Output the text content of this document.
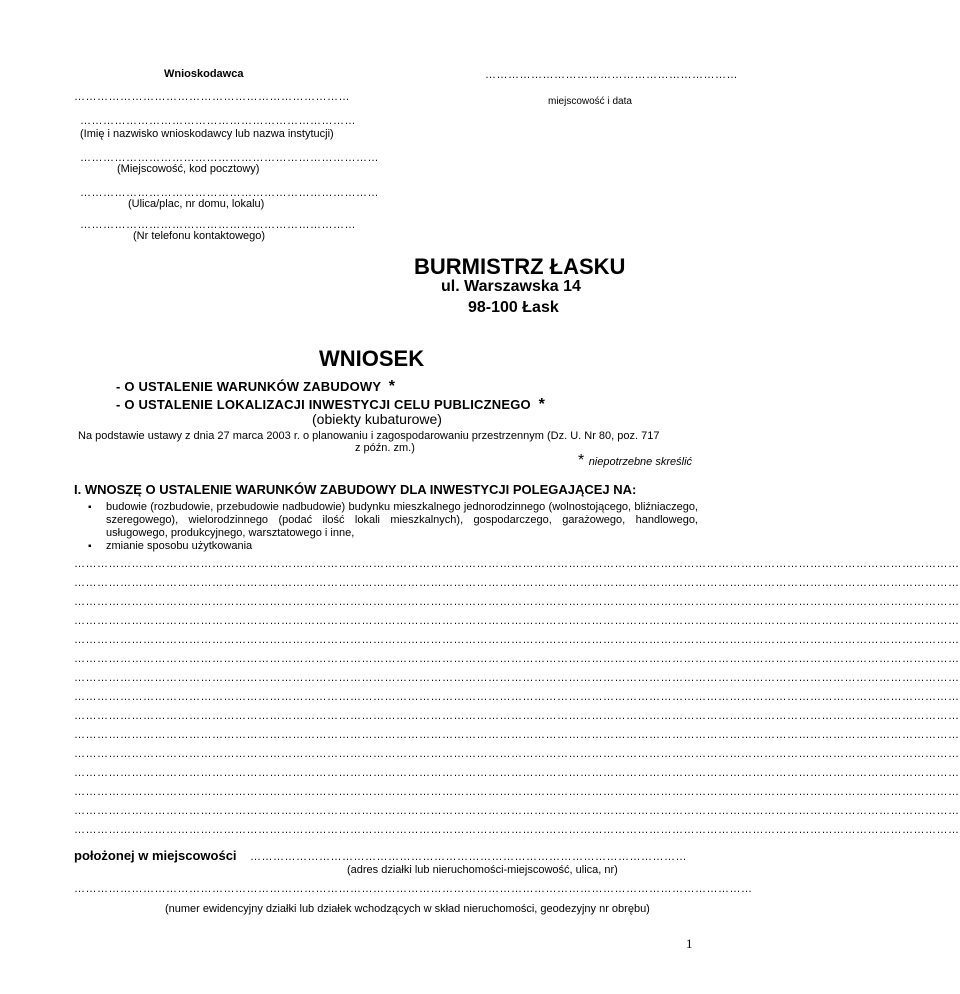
Wnioskodawca
………………………………………………………………
………………………………………………………………
(Imię i nazwisko wnioskodawcy lub nazwa instytucji)
……………………………………………………………………
(Miejscowość, kod pocztowy)
……………………………………………………………………
(Ulica/plac, nr domu, lokalu)
………………………………………………………………
(Nr telefonu kontaktowego)
…………………………………………………………
miejscowość i data
BURMISTRZ ŁASKU
ul. Warszawska 14
98-100 Łask
WNIOSEK
- O USTALENIE WARUNKÓW ZABUDOWY *
- O USTALENIE LOKALIZACJI INWESTYCJI CELU PUBLICZNEGO *
(obiekty kubaturowe)
Na podstawie ustawy z dnia 27 marca 2003 r. o planowaniu i zagospodarowaniu przestrzennym (Dz. U. Nr 80, poz. 717
z późn. zm.)
* niepotrzebne skreślić
I. WNOSZĘ O USTALENIE WARUNKÓW ZABUDOWY DLA INWESTYCJI POLEGAJĄCEJ NA:
▪ budowie (rozbudowie, przebudowie nadbudowie) budynku mieszkalnego jednorodzinnego (wolnostojącego, bliźniaczego, szeregowego), wielorodzinnego (podać ilość lokali mieszkalnych), gospodarczego, garażowego, handlowego, usługowego, produkcyjnego, warsztatowego i inne,
▪ zmianie sposobu użytkowania
……………………………………………………………………………………………………………………………………………………………………………………………………………
……………………………………………………………………………………………………………………………………………………………………………………………………………
……………………………………………………………………………………………………………………………………………………………………………………………………………
……………………………………………………………………………………………………………………………………………………………………………………………………………
……………………………………………………………………………………………………………………………………………………………………………………………………………
……………………………………………………………………………………………………………………………………………………………………………………………………………
……………………………………………………………………………………………………………………………………………………………………………………………………………
……………………………………………………………………………………………………………………………………………………………………………………………………………
……………………………………………………………………………………………………………………………………………………………………………………………………………
……………………………………………………………………………………………………………………………………………………………………………………………………………
……………………………………………………………………………………………………………………………………………………………………………………………………………
……………………………………………………………………………………………………………………………………………………………………………………………………………
……………………………………………………………………………………………………………………………………………………………………………………………………………
……………………………………………………………………………………………………………………………………………………………………………………………………………
……………………………………………………………………………………………………………………………………………………………………………………………………………
położonej w miejscowości ……………………………………………………………………………………………………
(adres działki lub nieruchomości-miejscowość, ulica, nr)
……………………………………………………………………………………………………………………………………………………………
(numer ewidencyjny działki lub działek wchodzących w skład nieruchomości, geodezyjny nr obrębu)
1
